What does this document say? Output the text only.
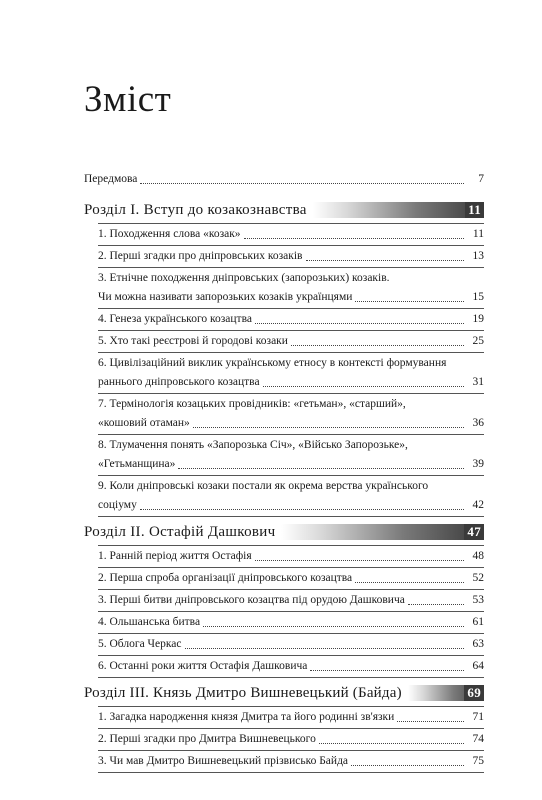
Зміст
Передмова	7
Розділ I. Вступ до козакознавства	11
1. Походження слова «козак»	11
2. Перші згадки про дніпровських козаків	13
3. Етнічне походження дніпровських (запорозьких) козаків.
Чи можна називати запорозьких козаків українцями	15
4. Генеза українського козацтва	19
5. Хто такі реєстрові й городові козаки	25
6. Цивілізаційний виклик українському етносу в контексті формування
раннього дніпровського козацтва	31
7. Термінологія козацьких провідників: «гетьман», «старший»,
«кошовий отаман»	36
8. Тлумачення понять «Запорозька Січ», «Військо Запорозьке»,
«Гетьманщина»	39
9. Коли дніпровські козаки постали як окрема верства українського
соціуму	42
Розділ II. Остафій Дашкович	47
1. Ранній період життя Остафія	48
2. Перша спроба організації дніпровського козацтва	52
3. Перші битви дніпровського козацтва під орудою Дашковича	53
4. Ольшанська битва	61
5. Облога Черкас	63
6. Останні роки життя Остафія Дашковича	64
Розділ III. Князь Дмитро Вишневецький (Байда)	69
1. Загадка народження князя Дмитра та його родинні зв'язки	71
2. Перші згадки про Дмитра Вишневецького	74
3. Чи мав Дмитро Вишневецький прізвисько Байда	75
